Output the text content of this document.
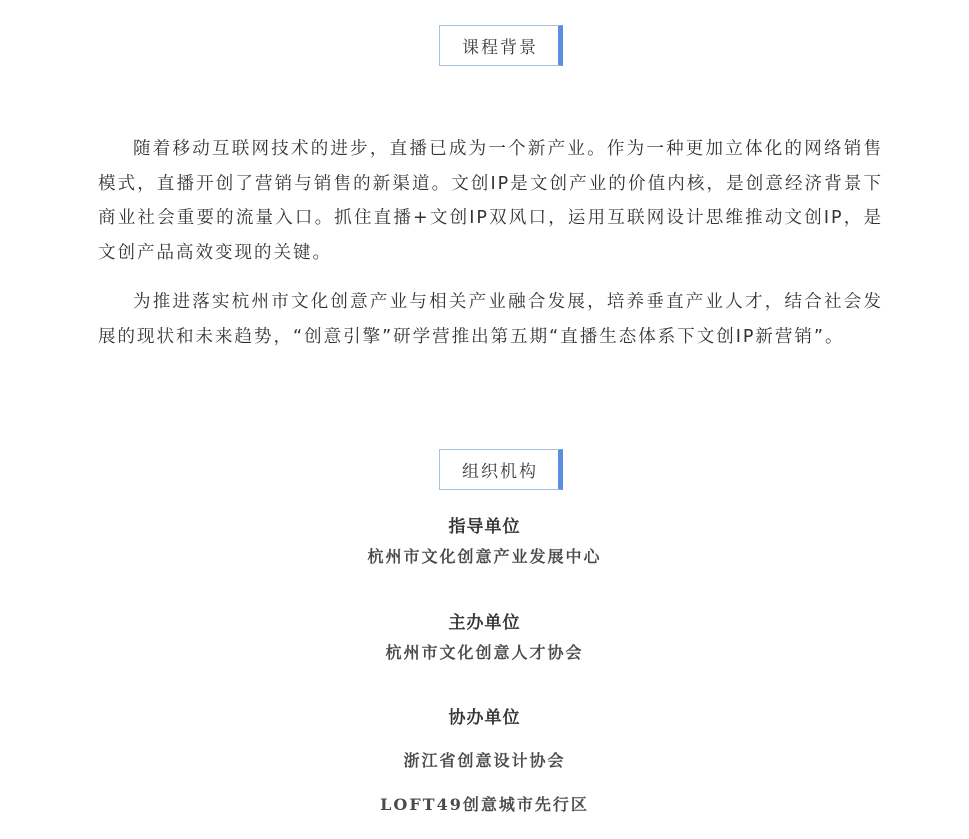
课程背景

随着移动互联网技术的进步，直播已成为一个新产业。作为一种更加立体化的网络销售模式，直播开创了营销与销售的新渠道。文创IP是文创产业的价值内核，是创意经济背景下商业社会重要的流量入口。抓住直播+文创IP双风口，运用互联网设计思维推动文创IP，是文创产品高效变现的关键。

为推进落实杭州市文化创意产业与相关产业融合发展，培养垂直产业人才，结合社会发展的现状和未来趋势，“创意引擎”研学营推出第五期“直播生态体系下文创IP新营销”。

组织机构
指导单位
杭州市文化创意产业发展中心
主办单位
杭州市文化创意人才协会
协办单位
浙江省创意设计协会
LOFT49创意城市先行区
